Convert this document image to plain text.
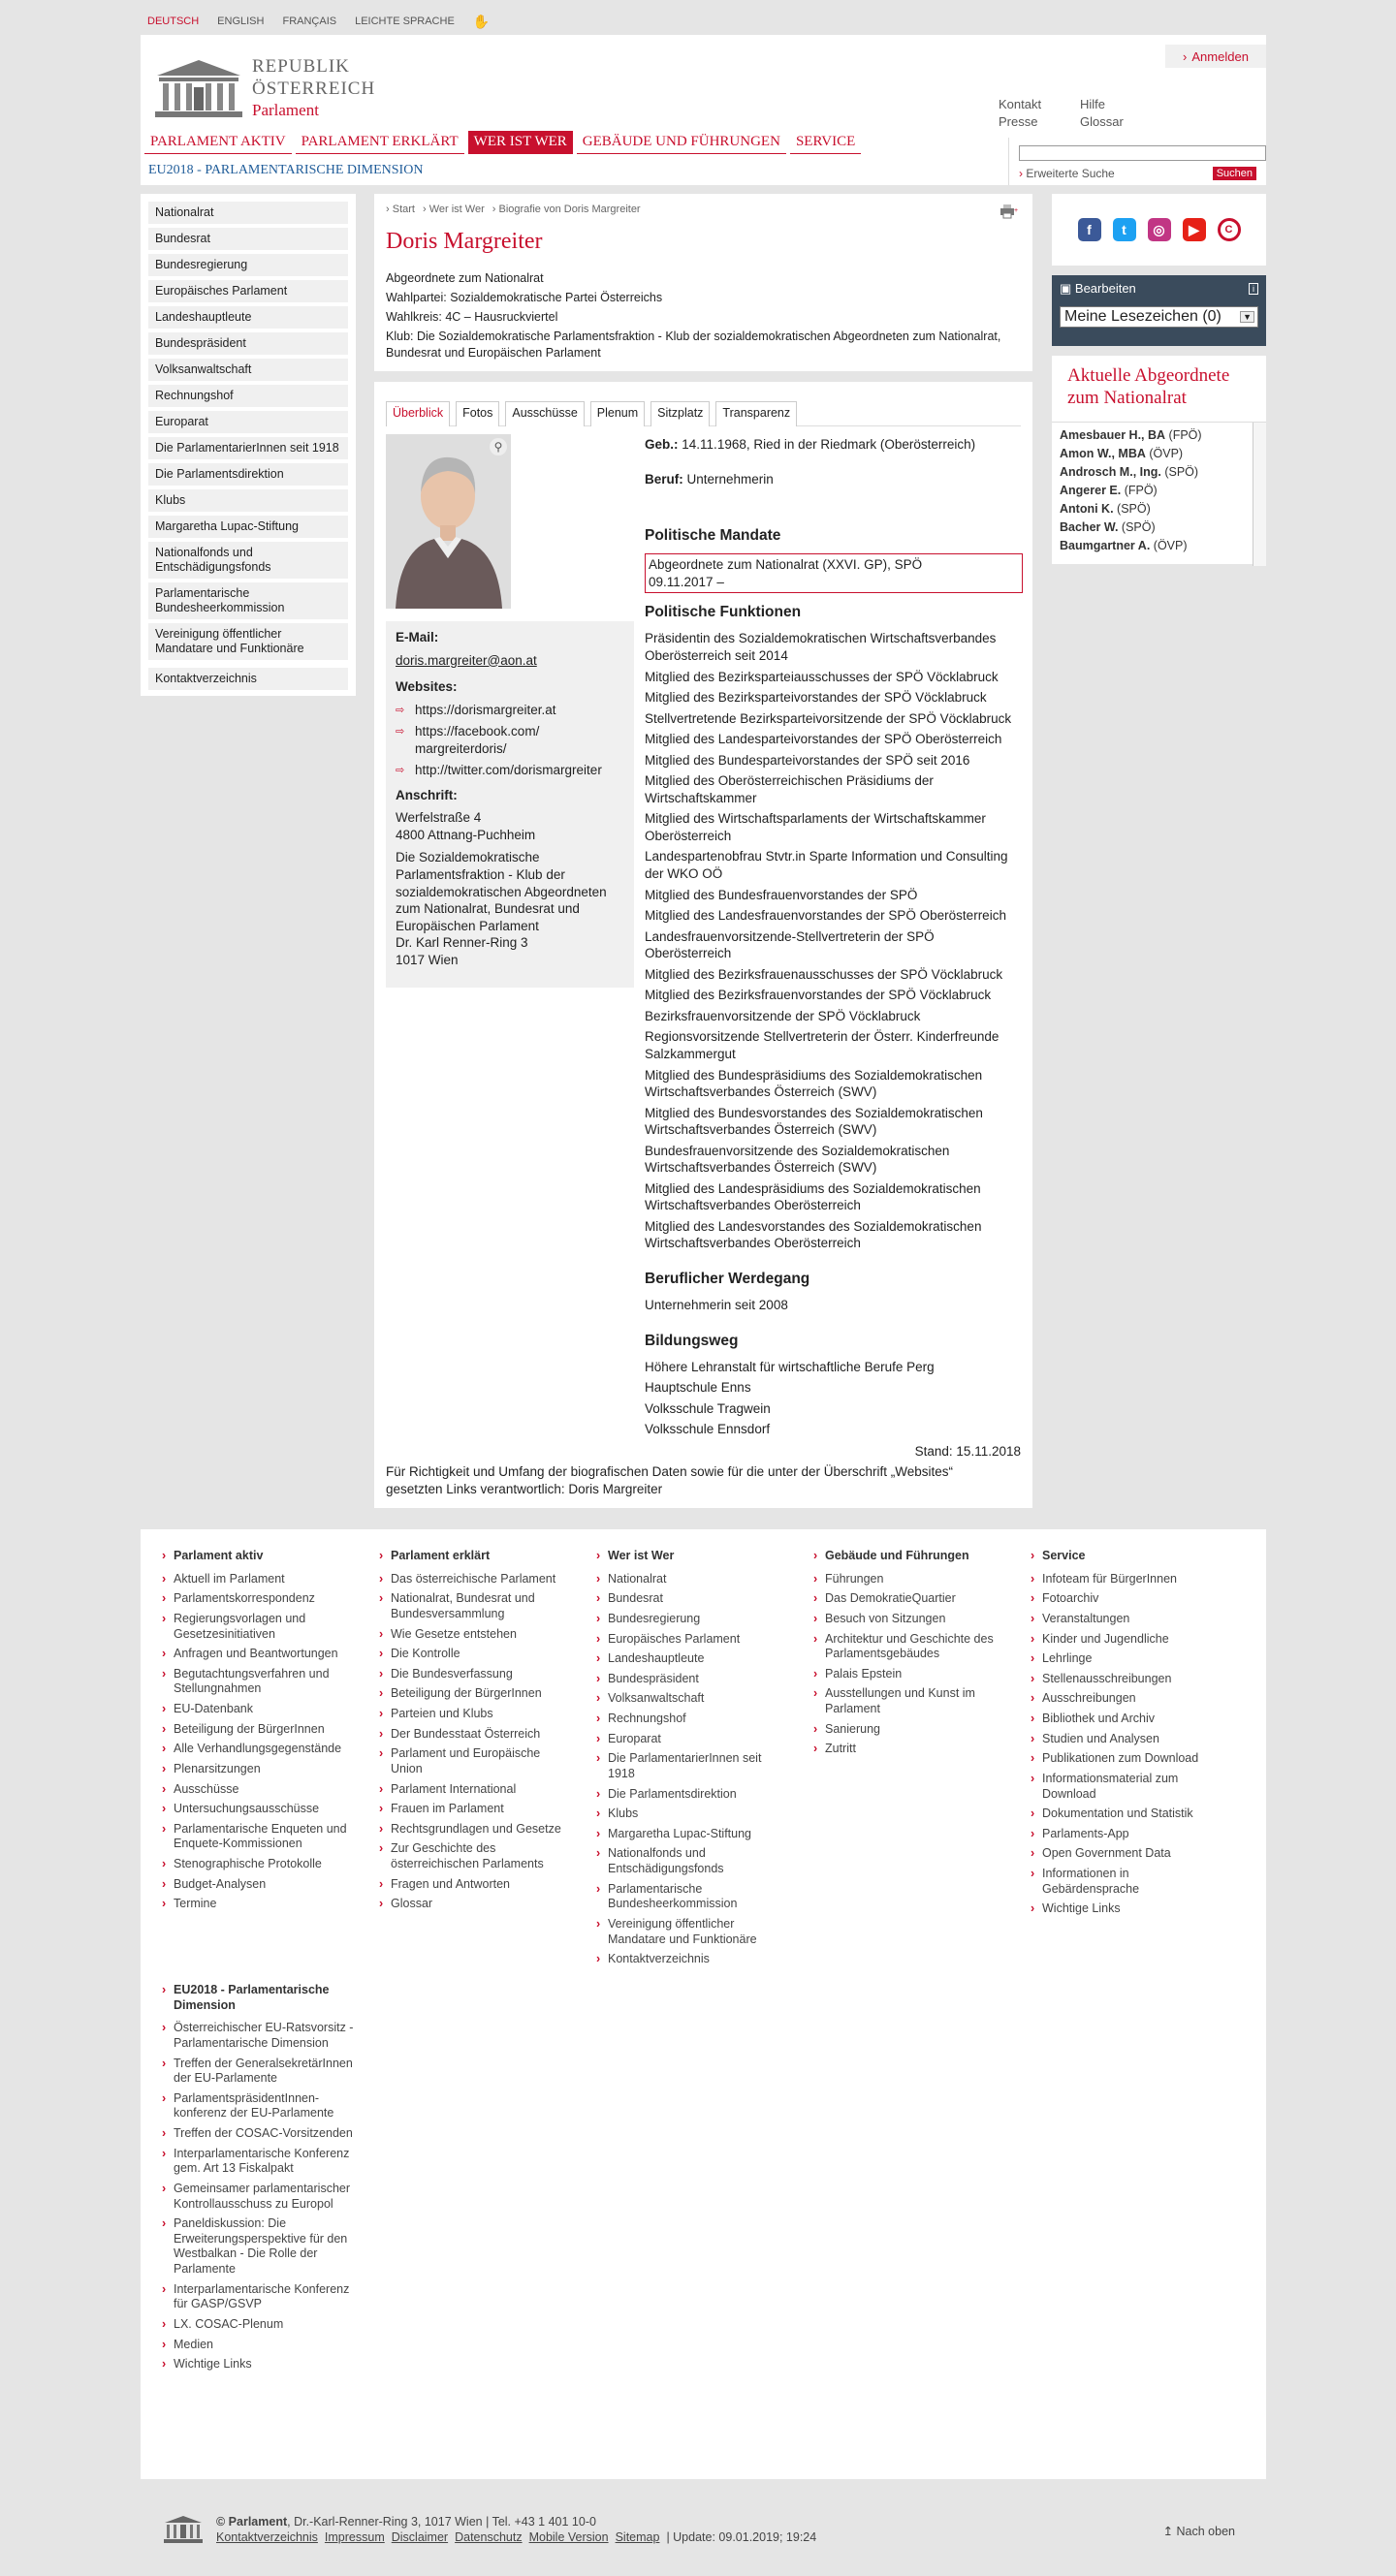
DEUTSCH ENGLISH FRANÇAIS LEICHTE SPRACHE ✋
REPUBLIK ÖSTERREICH
Parlament
› Anmelden
Kontakt	Hilfe
Presse	Glossar
PARLAMENT AKTIV	PARLAMENT ERKLÄRT	WER IST WER	GEBÄUDE UND FÜHRUNGEN	SERVICE
EU2018 - PARLAMENTARISCHE DIMENSION	› Erweiterte Suche	Suchen
Nationalrat
Bundesrat
Bundesregierung
Europäisches Parlament
Landeshauptleute
Bundespräsident
Volksanwaltschaft
Rechnungshof
Europarat
Die ParlamentarierInnen seit 1918
Die Parlamentsdirektion
Klubs
Margaretha Lupac-Stiftung
Nationalfonds und Entschädigungsfonds
Parlamentarische Bundesheerkommission
Vereinigung öffentlicher Mandatare und Funktionäre
Kontaktverzeichnis
› Start	› Wer ist Wer	› Biografie von Doris Margreiter	+
Doris Margreiter
Abgeordnete zum Nationalrat
Wahlpartei: Sozialdemokratische Partei Österreichs
Wahlkreis: 4C – Hausruckviertel
Klub: Die Sozialdemokratische Parlamentsfraktion - Klub der sozialdemokratischen Abgeordneten zum Nationalrat, Bundesrat und Europäischen Parlament
Überblick	Fotos	Ausschüsse	Plenum	Sitzplatz	Transparenz
⚲
E-Mail:
doris.margreiter@aon.at
Websites:
⇨ https://dorismargreiter.at
⇨ https://facebook.com/ margreiterdoris/
⇨ http://twitter.com/dorismargreiter
Anschrift:

Werfelstraße 4
4800 Attnang-Puchheim

Die Sozialdemokratische Parlamentsfraktion - Klub der sozialdemokratischen Abgeordneten zum Nationalrat, Bundesrat und Europäischen Parlament
Dr. Karl Renner-Ring 3
1017 Wien

Geb.: 14.11.1968, Ried in der Riedmark (Oberösterreich)
Beruf: Unternehmerin
Politische Mandate
Abgeordnete zum Nationalrat (XXVI. GP), SPÖ
09.11.2017 –
Politische Funktionen
Präsidentin des Sozialdemokratischen Wirtschaftsverbandes Oberösterreich seit 2014
Mitglied des Bezirksparteiausschusses der SPÖ Vöcklabruck
Mitglied des Bezirksparteivorstandes der SPÖ Vöcklabruck
Stellvertretende Bezirksparteivorsitzende der SPÖ Vöcklabruck
Mitglied des Landesparteivorstandes der SPÖ Oberösterreich
Mitglied des Bundesparteivorstandes der SPÖ seit 2016
Mitglied des Oberösterreichischen Präsidiums der Wirtschaftskammer
Mitglied des Wirtschaftsparlaments der Wirtschaftskammer Oberösterreich
Landespartenobfrau Stvtr.in Sparte Information und Consulting der WKO OÖ
Mitglied des Bundesfrauenvorstandes der SPÖ
Mitglied des Landesfrauenvorstandes der SPÖ Oberösterreich
Landesfrauenvorsitzende-Stellvertreterin der SPÖ Oberösterreich
Mitglied des Bezirksfrauenausschusses der SPÖ Vöcklabruck
Mitglied des Bezirksfrauenvorstandes der SPÖ Vöcklabruck
Bezirksfrauenvorsitzende der SPÖ Vöcklabruck
Regionsvorsitzende Stellvertreterin der Österr. Kinderfreunde Salzkammergut
Mitglied des Bundespräsidiums des Sozialdemokratischen Wirtschaftsverbandes Österreich (SWV)
Mitglied des Bundesvorstandes des Sozialdemokratischen Wirtschaftsverbandes Österreich (SWV)
Bundesfrauenvorsitzende des Sozialdemokratischen Wirtschaftsverbandes Österreich (SWV)
Mitglied des Landespräsidiums des Sozialdemokratischen Wirtschaftsverbandes Oberösterreich
Mitglied des Landesvorstandes des Sozialdemokratischen Wirtschaftsverbandes Oberösterreich
Beruflicher Werdegang
Unternehmerin seit 2008
Bildungsweg
Höhere Lehranstalt für wirtschaftliche Berufe Perg
Hauptschule Enns
Volksschule Tragwein
Volksschule Ennsdorf
Stand: 15.11.2018
Für Richtigkeit und Umfang der biografischen Daten sowie für die unter der Überschrift „Websites“ gesetzten Links verantwortlich: Doris Margreiter
f	t	◎	▶	C
▣ Bearbeiten	i
Meine Lesezeichen (0) ▼
Aktuelle Abgeordnete zum Nationalrat
Amesbauer H., BA (FPÖ)
Amon W., MBA (ÖVP)
Androsch M., Ing. (SPÖ)
Angerer E. (FPÖ)
Antoni K. (SPÖ)
Bacher W. (SPÖ)
Baumgartner A. (ÖVP)
› Parlament aktiv
› Aktuell im Parlament
› Parlamentskorrespondenz
› Regierungsvorlagen und Gesetzesinitiativen
› Anfragen und Beantwortungen
› Begutachtungsverfahren und Stellungnahmen
› EU-Datenbank
› Beteiligung der BürgerInnen
› Alle Verhandlungsgegenstände
› Plenarsitzungen
› Ausschüsse
› Untersuchungsausschüsse
› Parlamentarische Enqueten und Enquete-Kommissionen
› Stenographische Protokolle
› Budget-Analysen
› Termine
› Parlament erklärt
› Das österreichische Parlament
› Nationalrat, Bundesrat und Bundesversammlung
› Wie Gesetze entstehen
› Die Kontrolle
› Die Bundesverfassung
› Beteiligung der BürgerInnen
› Parteien und Klubs
› Der Bundesstaat Österreich
› Parlament und Europäische Union
› Parlament International
› Frauen im Parlament
› Rechtsgrundlagen und Gesetze
› Zur Geschichte des österreichischen Parlaments
› Fragen und Antworten
› Glossar
› Wer ist Wer
› Nationalrat
› Bundesrat
› Bundesregierung
› Europäisches Parlament
› Landeshauptleute
› Bundespräsident
› Volksanwaltschaft
› Rechnungshof
› Europarat
› Die ParlamentarierInnen seit 1918
› Die Parlamentsdirektion
› Klubs
› Margaretha Lupac-Stiftung
› Nationalfonds und Entschädigungsfonds
› Parlamentarische Bundesheerkommission
› Vereinigung öffentlicher Mandatare und Funktionäre
› Kontaktverzeichnis
› Gebäude und Führungen
› Führungen
› Das DemokratieQuartier
› Besuch von Sitzungen
› Architektur und Geschichte des Parlamentsgebäudes
› Palais Epstein
› Ausstellungen und Kunst im Parlament
› Sanierung
› Zutritt
› Service
› Infoteam für BürgerInnen
› Fotoarchiv
› Veranstaltungen
› Kinder und Jugendliche
› Lehrlinge
› Stellenausschreibungen
› Ausschreibungen
› Bibliothek und Archiv
› Studien und Analysen
› Publikationen zum Download
› Informationsmaterial zum Download
› Dokumentation und Statistik
› Parlaments-App
› Open Government Data
› Informationen in Gebärdensprache
› Wichtige Links
› EU2018 - Parlamentarische Dimension
› Österreichischer EU-Ratsvorsitz - Parlamentarische Dimension
› Treffen der GeneralsekretärInnen der EU-Parlamente
› ParlamentspräsidentInnen-konferenz der EU-Parlamente
› Treffen der COSAC-Vorsitzenden
› Interparlamentarische Konferenz gem. Art 13 Fiskalpakt
› Gemeinsamer parlamentarischer Kontrollausschuss zu Europol
› Paneldiskussion: Die Erweiterungsperspektive für den Westbalkan - Die Rolle der Parlamente
› Interparlamentarische Konferenz für GASP/GSVP
› LX. COSAC-Plenum
› Medien
› Wichtige Links
© Parlament, Dr.-Karl-Renner-Ring 3, 1017 Wien | Tel. +43 1 401 10-0
Kontaktverzeichnis Impressum Disclaimer Datenschutz Mobile Version Sitemap | Update: 09.01.2019; 19:24	↥ Nach oben
